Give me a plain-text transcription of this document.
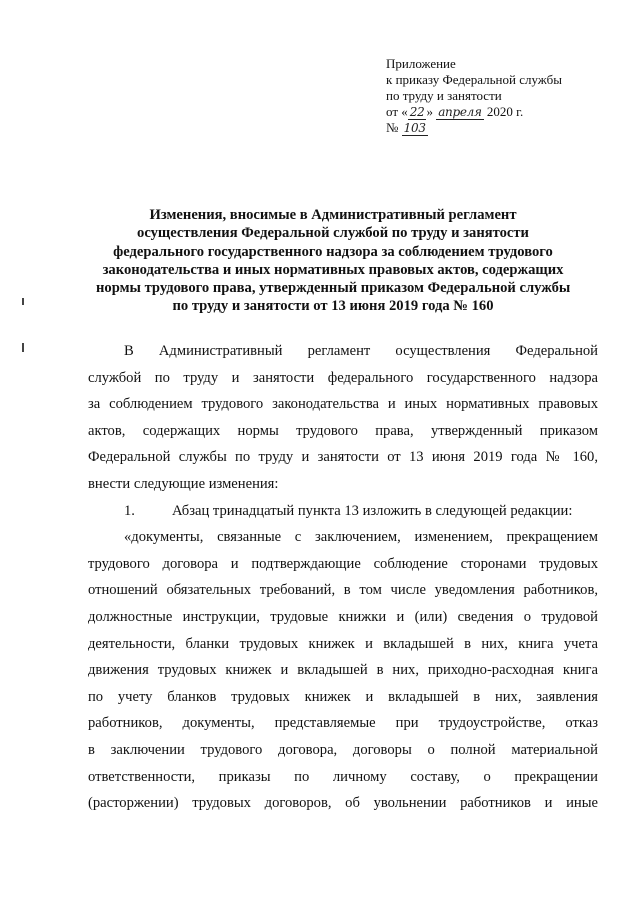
Приложение
к приказу Федеральной службы
по труду и занятости
от « 22 » апреля 2020 г.
№ 103
Изменения, вносимые в Административный регламент
осуществления Федеральной службой по труду и занятости
федерального государственного надзора за соблюдением трудового
законодательства и иных нормативных правовых актов, содержащих
нормы трудового права, утвержденный приказом Федеральной службы
по труду и занятости от 13 июня 2019 года № 160
В Административный регламент осуществления Федеральной
службой по труду и занятости федерального государственного надзора
за соблюдением трудового законодательства и иных нормативных правовых
актов, содержащих нормы трудового права, утвержденный приказом
Федеральной службы по труду и занятости от 13 июня 2019 года № 160,
внести следующие изменения:
1.	Абзац тринадцатый пункта 13 изложить в следующей редакции:
«документы, связанные с заключением, изменением, прекращением
трудового договора и подтверждающие соблюдение сторонами трудовых
отношений обязательных требований, в том числе уведомления работников,
должностные инструкции, трудовые книжки и (или) сведения о трудовой
деятельности, бланки трудовых книжек и вкладышей в них, книга учета
движения трудовых книжек и вкладышей в них, приходно-расходная книга
по учету бланков трудовых книжек и вкладышей в них, заявления
работников, документы, представляемые при трудоустройстве, отказ
в заключении трудового договора, договоры о полной материальной
ответственности, приказы по личному составу, о прекращении
(расторжении) трудовых договоров, об увольнении работников и иные
